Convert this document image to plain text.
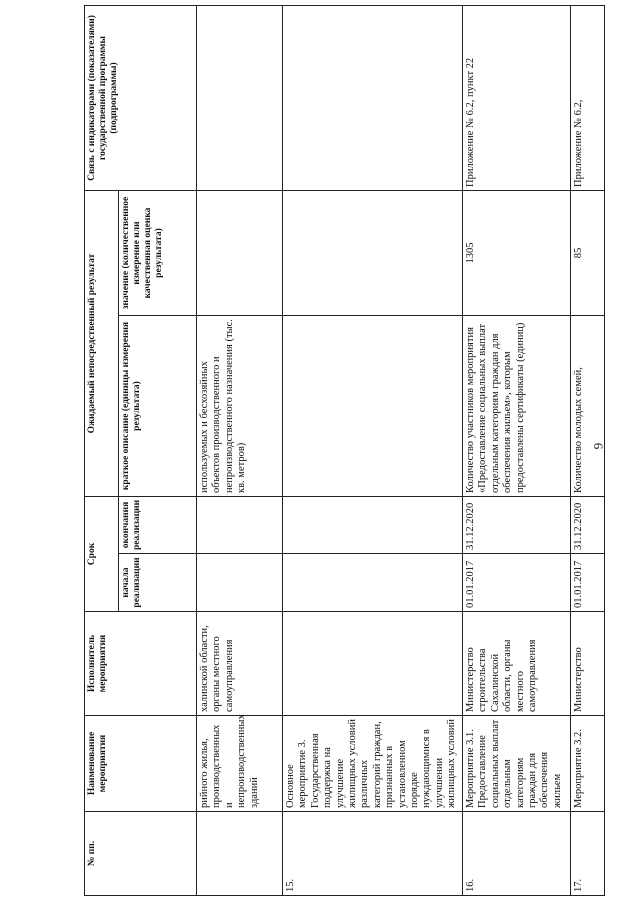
6
№ пп.	Наименование мероприятия	Исполнитель мероприятия	Срок		Ожидаемый непосредственный результат		Связь с индикаторами (показателями) государственной программы (подпрограммы)
			начала реализации	окончания реализации	краткое описание (единицы измерения результата)	значение (количественное измерение или качественная оценка результата)	
	рийного жилья, производственных и непроизводственных зданий	халинской области, органы местного самоуправления			используемых и бесхозяйных объектов производственного и непроизводственного назначения (тыс. кв. метров)		
15.	Основное мероприятие 3. Государственная поддержка на улучшение жилищных условий различных категорий граждан, признанных в установленном порядке нуждающимися в улучшении жилищных условий						
16.	Мероприятие 3.1. Предоставление социальных выплат отдельным категориям граждан для обеспечения жильем	Министерство строительства Сахалинской области, органы местного самоуправления	01.01.2017	31.12.2020	Количество участников мероприятия «Предоставление социальных выплат отдельным категориям граждан для обеспечения жильем», которым предоставлены сертификаты (единиц)	1305	Приложение № 6.2, пункт 22
17.	Мероприятие 3.2.	Министерство	01.01.2017	31.12.2020	Количество молодых семей,	85	Приложение № 6.2,
